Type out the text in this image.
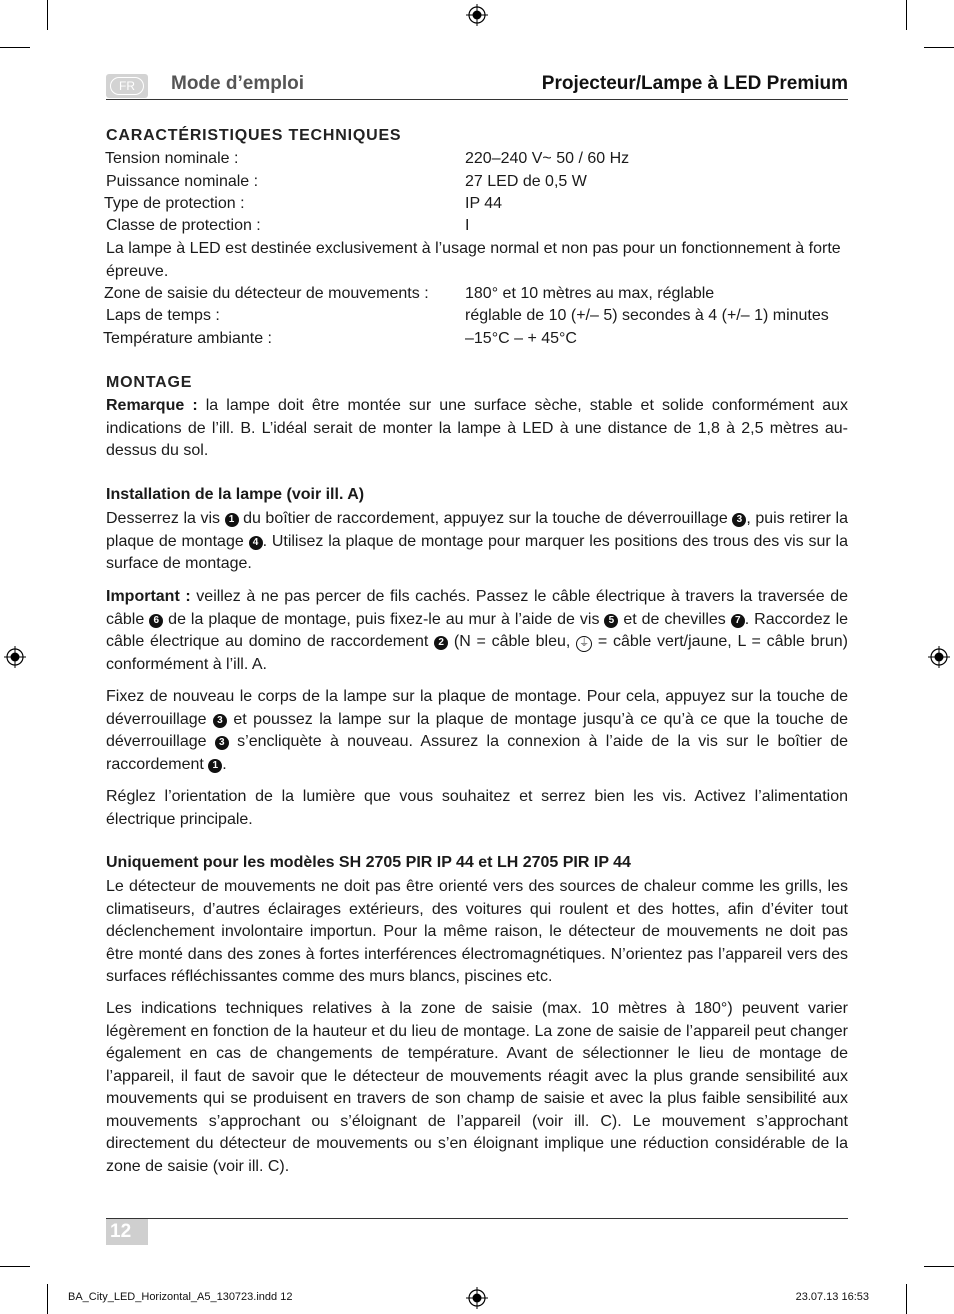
FR	Mode d’emploi	Projecteur/Lampe à LED Premium
CARACTÉRISTIQUES TECHNIQUES
Tension nominale :	220–240 V~ 50 / 60 Hz
Puissance nominale :	27 LED de 0,5 W
Type de protection :	IP 44
Classe de protection :	I
La lampe à LED est destinée exclusivement à l’usage normal et non pas pour un fonctionnement à forte épreuve.
Zone de saisie du détecteur de mouvements : 180° et 10 mètres au max, réglable
Laps de temps :	réglable de 10 (+/– 5) secondes à 4 (+/– 1) minutes
Température ambiante :	–15°C – + 45°C
MONTAGE
Remarque : la lampe doit être montée sur une surface sèche, stable et solide conformément aux indications de l’ill. B. L’idéal serait de monter la lampe à LED à une distance de 1,8 à 2,5 mètres au-dessus du sol.
Installation de la lampe (voir ill. A)
Desserrez la vis 1 du boîtier de raccordement, appuyez sur la touche de déverrouillage 3 , puis retirer la plaque de montage 4 . Utilisez la plaque de montage pour marquer les positions des trous des vis sur la surface de montage.
Important : veillez à ne pas percer de fils cachés. Passez le câble électrique à travers la traversée de câble 6 de la plaque de montage, puis fixez-le au mur à l’aide de vis 5 et de chevilles 7 . Raccordez le câble électrique au domino de raccordement 2 (N = câble bleu, ⏚ = câble vert/jaune, L = câble brun) conformément à l’ill. A.
Fixez de nouveau le corps de la lampe sur la plaque de montage. Pour cela, appuyez sur la touche de déverrouillage 3 et poussez la lampe sur la plaque de montage jusqu’à ce qu’à ce que la touche de déverrouillage 3 s’encliquète à nouveau. Assurez la connexion à l’aide de la vis sur le boîtier de raccordement 1 .
Réglez l’orientation de la lumière que vous souhaitez et serrez bien les vis. Activez l’alimentation électrique principale.
Uniquement pour les modèles SH 2705 PIR IP 44 et LH 2705 PIR IP 44
Le détecteur de mouvements ne doit pas être orienté vers des sources de chaleur comme les grills, les climatiseurs, d’autres éclairages extérieurs, des voitures qui roulent et des hottes, afin d’éviter tout déclenchement involontaire importun. Pour la même raison, le détecteur de mouvements ne doit pas être monté dans des zones à fortes interférences électromagnétiques. N’orientez pas l’appareil vers des surfaces réfléchissantes comme des murs blancs, piscines etc.
Les indications techniques relatives à la zone de saisie (max. 10 mètres à 180°) peuvent varier légèrement en fonction de la hauteur et du lieu de montage. La zone de saisie de l’appareil peut changer également en cas de changements de température. Avant de sélectionner le lieu de montage de l’appareil, il faut de savoir que le détecteur de mouvements réagit avec la plus grande sensibilité aux mouvements qui se produisent en travers de son champ de saisie et avec la plus faible sensibilité aux mouvements s’approchant ou s’éloignant de l’appareil (voir ill. C). Le mouvement s’approchant directement du détecteur de mouvements ou s’en éloignant implique une réduction considérable de la zone de saisie (voir ill. C).
12
BA_City_LED_Horizontal_A5_130723.indd 12	23.07.13 16:53
